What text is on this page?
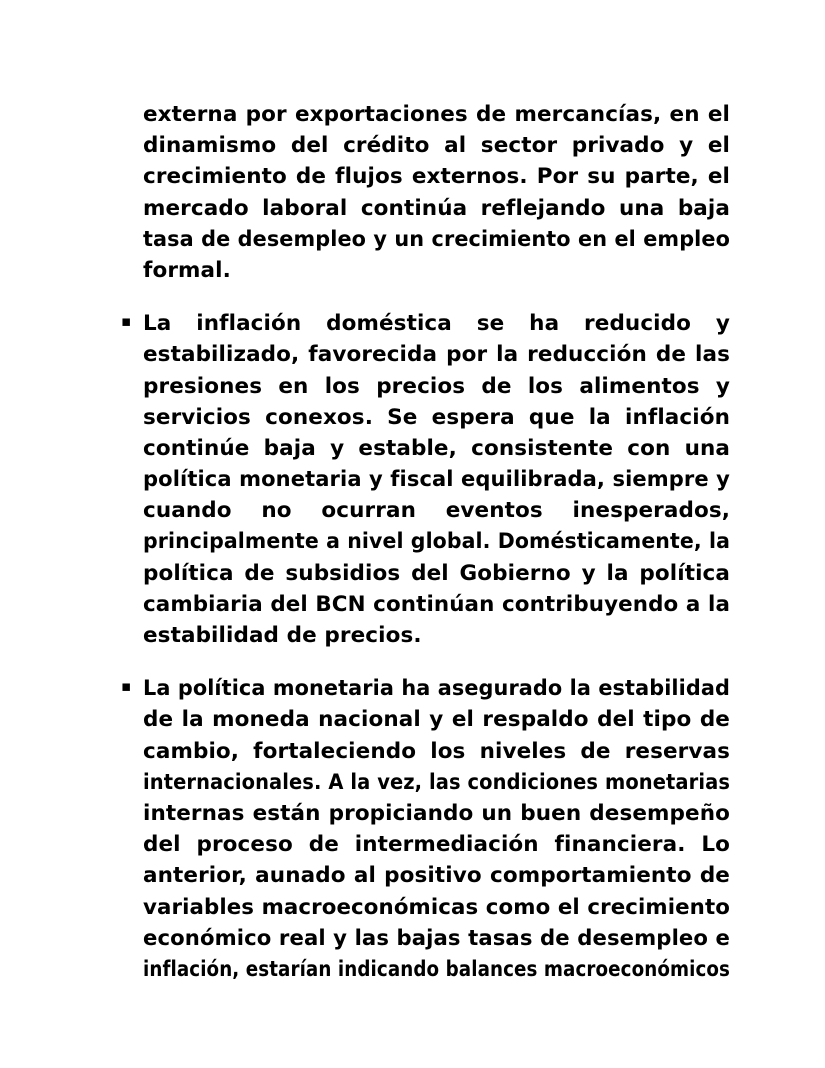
externa por exportaciones de mercancías, en el
dinamismo del crédito al sector privado y el
crecimiento de flujos externos. Por su parte, el
mercado laboral continúa reflejando una baja
tasa de desempleo y un crecimiento en el empleo
formal.
▪ La inflación doméstica se ha reducido y
estabilizado, favorecida por la reducción de las
presiones en los precios de los alimentos y
servicios conexos. Se espera que la inflación
continúe baja y estable, consistente con una
política monetaria y fiscal equilibrada, siempre y
cuando no ocurran eventos inesperados,
principalmente a nivel global. Domésticamente, la
política de subsidios del Gobierno y la política
cambiaria del BCN continúan contribuyendo a la
estabilidad de precios.
▪ La política monetaria ha asegurado la estabilidad
de la moneda nacional y el respaldo del tipo de
cambio, fortaleciendo los niveles de reservas
internacionales. A la vez, las condiciones monetarias
internas están propiciando un buen desempeño
del proceso de intermediación financiera. Lo
anterior, aunado al positivo comportamiento de
variables macroeconómicas como el crecimiento
económico real y las bajas tasas de desempleo e
inflación, estarían indicando balances macroeconómicos
